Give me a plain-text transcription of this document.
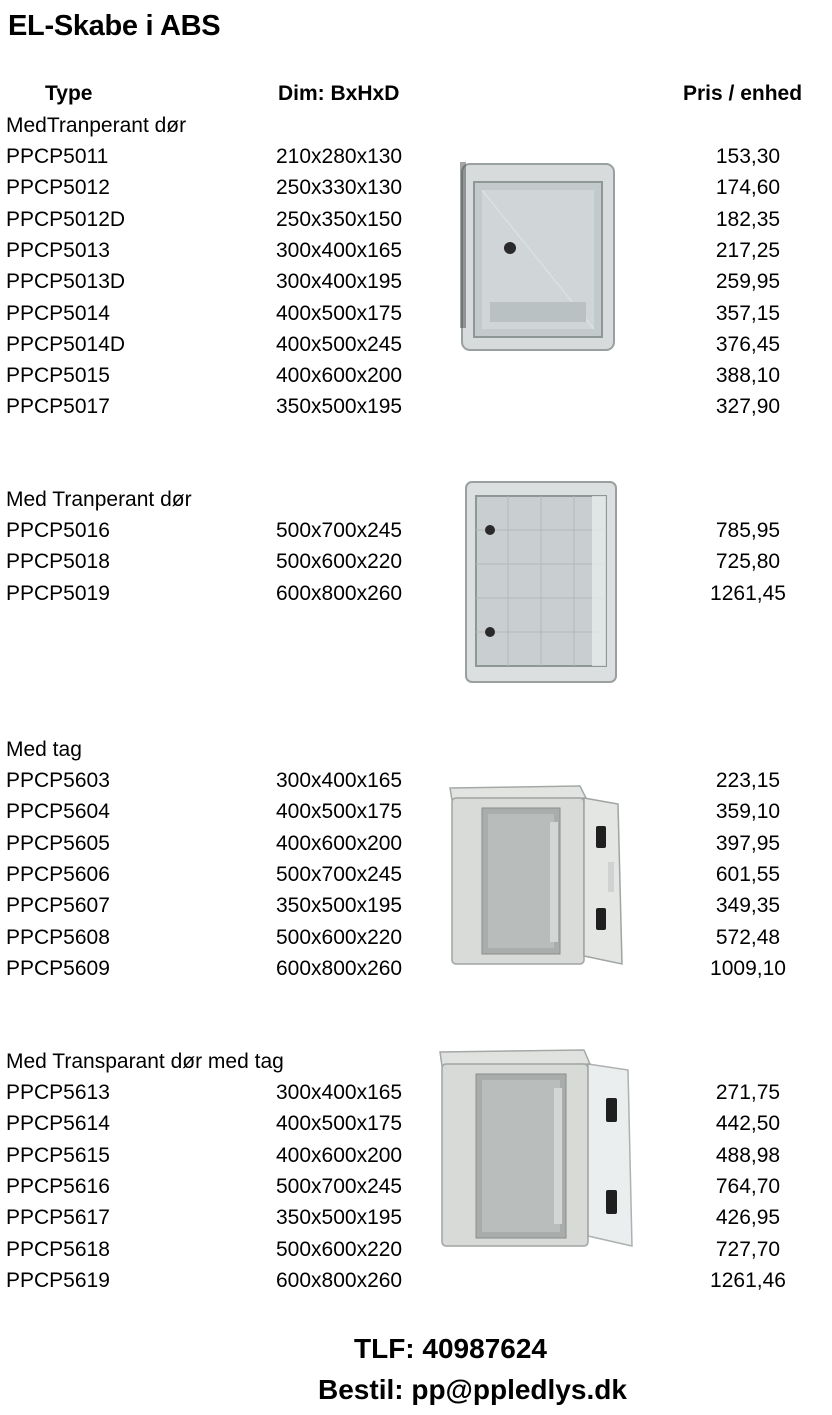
EL-Skabe i ABS
Type	Dim: BxHxD	Pris / enhed
MedTranperant dør
PPCP5011	210x280x130	153,30
PPCP5012	250x330x130	174,60
PPCP5012D	250x350x150	182,35
PPCP5013	300x400x165	217,25
PPCP5013D	300x400x195	259,95
PPCP5014	400x500x175	357,15
PPCP5014D	400x500x245	376,45
PPCP5015	400x600x200	388,10
PPCP5017	350x500x195	327,90
Med Tranperant dør
PPCP5016	500x700x245	785,95
PPCP5018	500x600x220	725,80
PPCP5019	600x800x260	1261,45
Med tag
PPCP5603	300x400x165	223,15
PPCP5604	400x500x175	359,10
PPCP5605	400x600x200	397,95
PPCP5606	500x700x245	601,55
PPCP5607	350x500x195	349,35
PPCP5608	500x600x220	572,48
PPCP5609	600x800x260	1009,10
Med Transparant dør med tag
PPCP5613	300x400x165	271,75
PPCP5614	400x500x175	442,50
PPCP5615	400x600x200	488,98
PPCP5616	500x700x245	764,70
PPCP5617	350x500x195	426,95
PPCP5618	500x600x220	727,70
PPCP5619	600x800x260	1261,46
TLF: 40987624
Bestil: pp@ppledlys.dk
